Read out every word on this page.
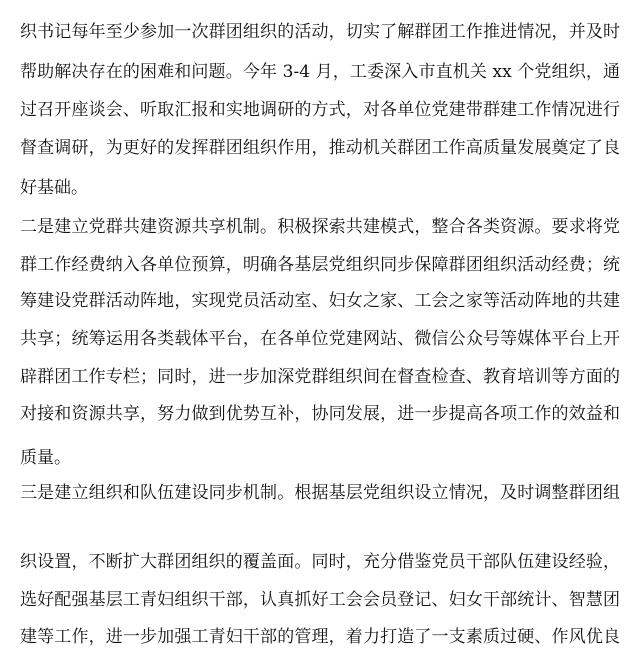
织书记每年至少参加一次群团组织的活动，切实了解群团工作推进情况，并及时
帮助解决存在的困难和问题。今年 3-4 月，工委深入市直机关 xx 个党组织，通
过召开座谈会、听取汇报和实地调研的方式，对各单位党建带群建工作情况进行
督查调研，为更好的发挥群团组织作用，推动机关群团工作高质量发展奠定了良
好基础。
二是建立党群共建资源共享机制。积极探索共建模式，整合各类资源。要求将党
群工作经费纳入各单位预算，明确各基层党组织同步保障群团组织活动经费；统
筹建设党群活动阵地，实现党员活动室、妇女之家、工会之家等活动阵地的共建
共享；统筹运用各类载体平台，在各单位党建网站、微信公众号等媒体平台上开
辟群团工作专栏；同时，进一步加深党群组织间在督查检查、教育培训等方面的
对接和资源共享，努力做到优势互补，协同发展，进一步提高各项工作的效益和
质量。
三是建立组织和队伍建设同步机制。根据基层党组织设立情况，及时调整群团组
织设置，不断扩大群团组织的覆盖面。同时，充分借鉴党员干部队伍建设经验，
选好配强基层工青妇组织干部，认真抓好工会会员登记、妇女干部统计、智慧团
建等工作，进一步加强工青妇干部的管理，着力打造了一支素质过硬、作风优良
